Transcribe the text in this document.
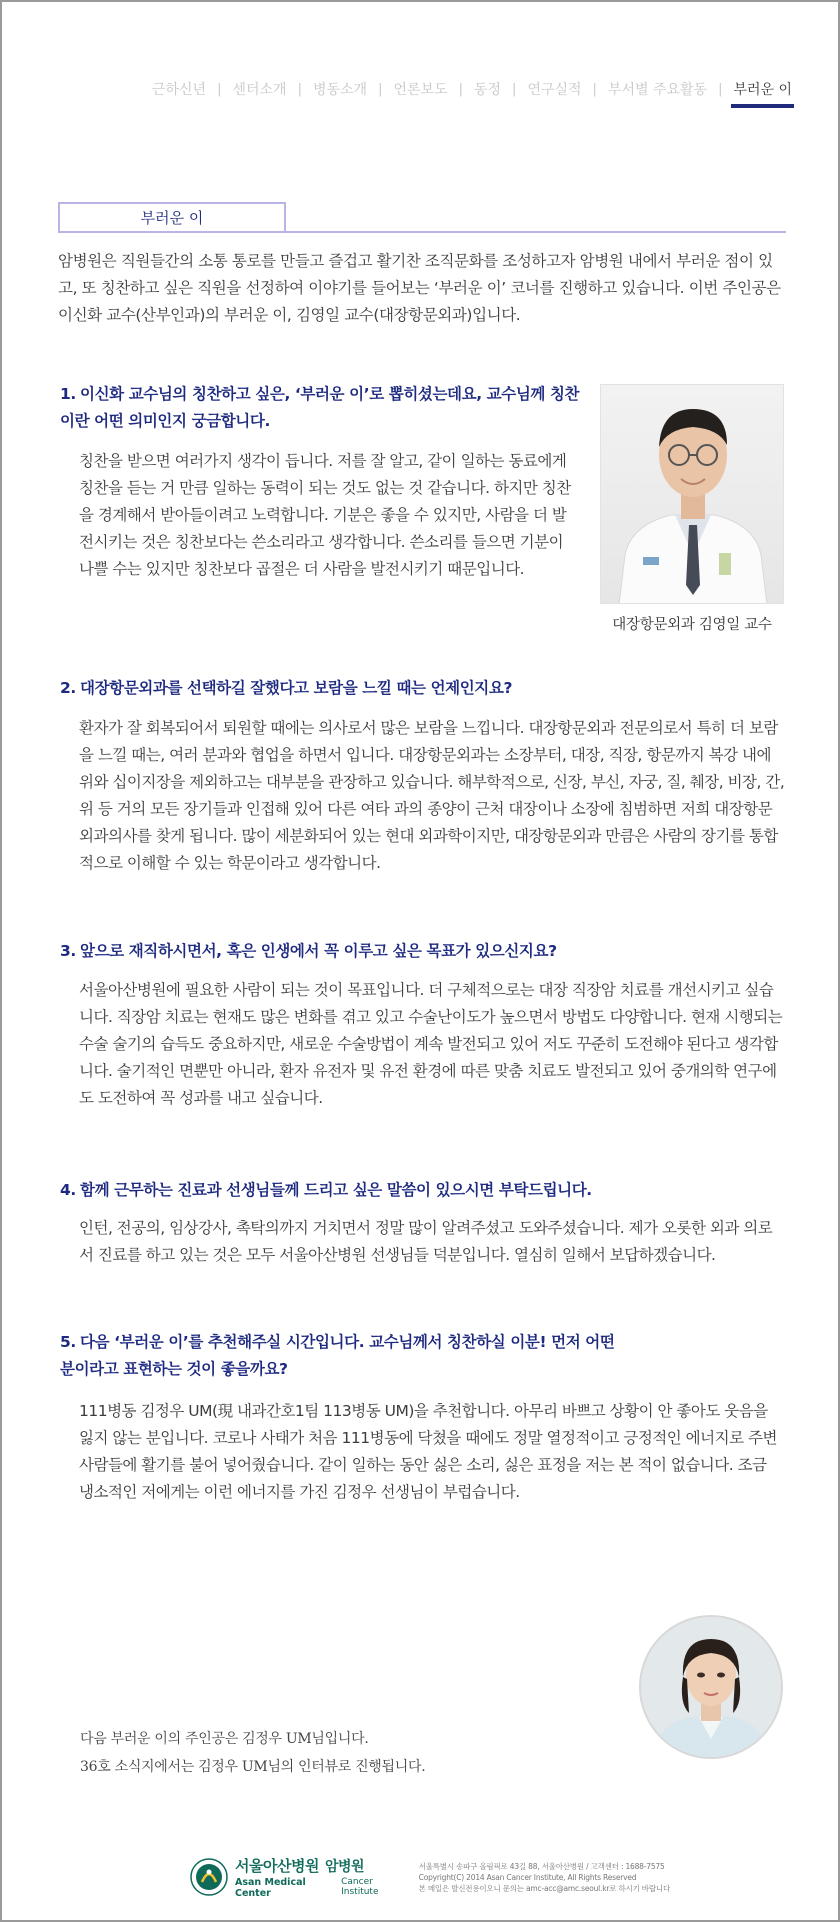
근하신년 | 센터소개 | 병동소개 | 언론보도 | 동정 | 연구실적 | 부서별 주요활동 | 부러운 이
부러운 이

암병원은 직원들간의 소통 통로를 만들고 즐겁고 활기찬 조직문화를 조성하고자 암병원 내에서 부러운 점이 있고, 또 칭찬하고 싶은 직원을 선정하여 이야기를 들어보는 ‘부러운 이’ 코너를 진행하고 있습니다. 이번 주인공은 이신화 교수(산부인과)의 부러운 이, 김영일 교수(대장항문외과)입니다.

1. 이신화 교수님의 칭찬하고 싶은, ‘부러운 이’로 뽑히셨는데요, 교수님께 칭찬이란 어떤 의미인지 궁금합니다.

칭찬을 받으면 여러가지 생각이 듭니다. 저를 잘 알고, 같이 일하는 동료에게 칭찬을 듣는 거 만큼 일하는 동력이 되는 것도 없는 것 같습니다. 하지만 칭찬을 경계해서 받아들이려고 노력합니다. 기분은 좋을 수 있지만, 사람을 더 발전시키는 것은 칭찬보다는 쓴소리라고 생각합니다. 쓴소리를 들으면 기분이 나쁠 수는 있지만 칭찬보다 곱절은 더 사람을 발전시키기 때문입니다.

대장항문외과 김영일 교수
2. 대장항문외과를 선택하길 잘했다고 보람을 느낄 때는 언제인지요?

환자가 잘 회복되어서 퇴원할 때에는 의사로서 많은 보람을 느낍니다. 대장항문외과 전문의로서 특히 더 보람을 느낄 때는, 여러 분과와 협업을 하면서 입니다. 대장항문외과는 소장부터, 대장, 직장, 항문까지 복강 내에 위와 십이지장을 제외하고는 대부분을 관장하고 있습니다. 해부학적으로, 신장, 부신, 자궁, 질, 췌장, 비장, 간, 위 등 거의 모든 장기들과 인접해 있어 다른 여타 과의 종양이 근처 대장이나 소장에 침범하면 저희 대장항문외과의사를 찾게 됩니다. 많이 세분화되어 있는 현대 외과학이지만, 대장항문외과 만큼은 사람의 장기를 통합적으로 이해할 수 있는 학문이라고 생각합니다.

3. 앞으로 재직하시면서, 혹은 인생에서 꼭 이루고 싶은 목표가 있으신지요?

서울아산병원에 필요한 사람이 되는 것이 목표입니다. 더 구체적으로는 대장 직장암 치료를 개선시키고 싶습니다. 직장암 치료는 현재도 많은 변화를 겪고 있고 수술난이도가 높으면서 방법도 다양합니다. 현재 시행되는 수술 술기의 습득도 중요하지만, 새로운 수술방법이 계속 발전되고 있어 저도 꾸준히 도전해야 된다고 생각합니다. 술기적인 면뿐만 아니라, 환자 유전자 및 유전 환경에 따른 맞춤 치료도 발전되고 있어 중개의학 연구에도 도전하여 꼭 성과를 내고 싶습니다.

4. 함께 근무하는 진료과 선생님들께 드리고 싶은 말씀이 있으시면 부탁드립니다.

인턴, 전공의, 임상강사, 촉탁의까지 거치면서 정말 많이 알려주셨고 도와주셨습니다. 제가 오롯한 외과 의로서 진료를 하고 있는 것은 모두 서울아산병원 선생님들 덕분입니다. 열심히 일해서 보답하겠습니다.

5. 다음 ‘부러운 이’를 추천해주실 시간입니다. 교수님께서 칭찬하실 이분! 먼저 어떤 분이라고 표현하는 것이 좋을까요?

111병동 김정우 UM(現 내과간호1팀 113병동 UM)을 추천합니다. 아무리 바쁘고 상황이 안 좋아도 웃음을 잃지 않는 분입니다. 코로나 사태가 처음 111병동에 닥쳤을 때에도 정말 열정적이고 긍정적인 에너지로 주변사람들에 활기를 불어 넣어줬습니다. 같이 일하는 동안 싫은 소리, 싫은 표정을 저는 본 적이 없습니다. 조금 냉소적인 저에게는 이런 에너지를 가진 김정우 선생님이 부럽습니다.

다음 부러운 이의 주인공은 김정우 UM님입니다.
36호 소식지에서는 김정우 UM님의 인터뷰로 진행됩니다.
서울아산병원 암병원
Asan Medical Center
Cancer Institute
서울특별시 송파구 올림픽로 43길 88, 서울아산병원 / 고객센터 : 1688-7575
Copyright(C) 2014 Asan Cancer Institute, All Rights Reserved
본 메일은 발신전용이오니 문의는 amc-acc@amc.seoul.kr로 하시기 바랍니다
